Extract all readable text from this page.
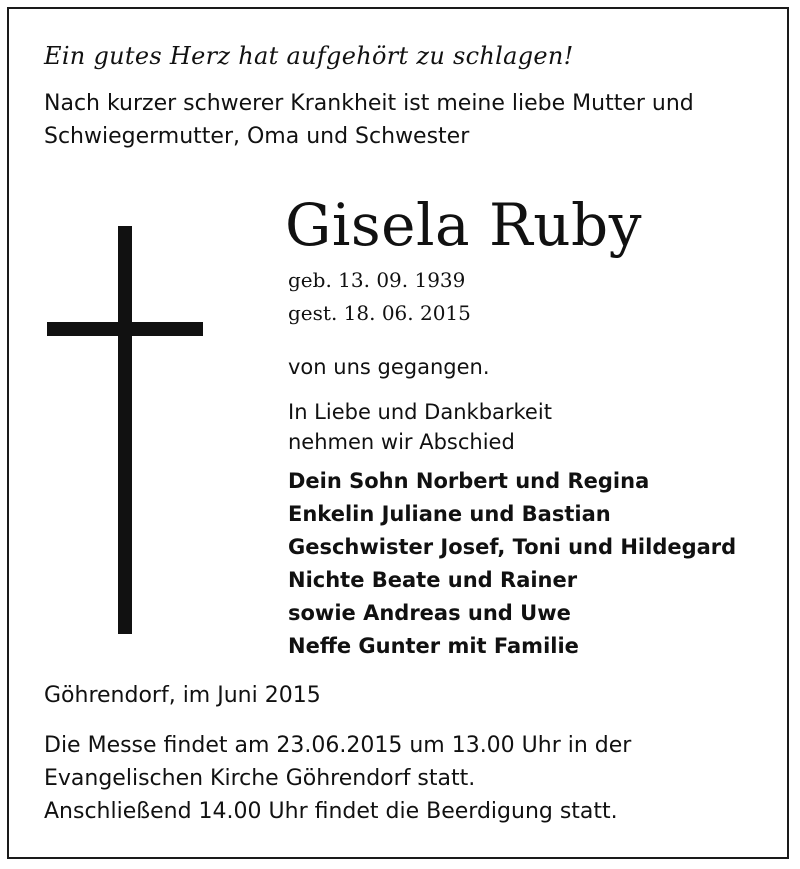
Ein gutes Herz hat aufgehört zu schlagen!
Nach kurzer schwerer Krankheit ist meine liebe Mutter und
Schwiegermutter, Oma und Schwester
Gisela Ruby
geb. 13. 09. 1939
gest. 18. 06. 2015
von uns gegangen.
In Liebe und Dankbarkeit
nehmen wir Abschied
Dein Sohn Norbert und Regina
Enkelin Juliane und Bastian
Geschwister Josef, Toni und Hildegard
Nichte Beate und Rainer
sowie Andreas und Uwe
Neffe Gunter mit Familie
Göhrendorf, im Juni 2015
Die Messe findet am 23.06.2015 um 13.00 Uhr in der
Evangelischen Kirche Göhrendorf statt.
Anschließend 14.00 Uhr findet die Beerdigung statt.
